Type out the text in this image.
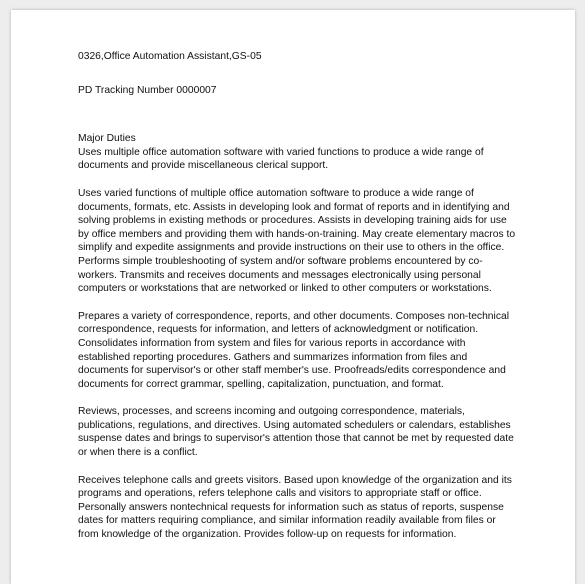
0326,Office Automation Assistant,GS-05
PD Tracking Number 0000007
Major Duties
Uses multiple office automation software with varied functions to produce a wide range of documents and provide miscellaneous clerical support.
Uses varied functions of multiple office automation software to produce a wide range of documents, formats, etc. Assists in developing look and format of reports and in identifying and solving problems in existing methods or procedures. Assists in developing training aids for use by office members and providing them with hands-on-training. May create elementary macros to simplify and expedite assignments and provide instructions on their use to others in the office. Performs simple troubleshooting of system and/or software problems encountered by co-workers. Transmits and receives documents and messages electronically using personal computers or workstations that are networked or linked to other computers or workstations.
Prepares a variety of correspondence, reports, and other documents. Composes non-technical correspondence, requests for information, and letters of acknowledgment or notification. Consolidates information from system and files for various reports in accordance with established reporting procedures. Gathers and summarizes information from files and documents for supervisor's or other staff member's use. Proofreads/edits correspondence and documents for correct grammar, spelling, capitalization, punctuation, and format.
Reviews, processes, and screens incoming and outgoing correspondence, materials, publications, regulations, and directives. Using automated schedulers or calendars, establishes suspense dates and brings to supervisor's attention those that cannot be met by requested date or when there is a conflict.
Receives telephone calls and greets visitors. Based upon knowledge of the organization and its programs and operations, refers telephone calls and visitors to appropriate staff or office. Personally answers nontechnical requests for information such as status of reports, suspense dates for matters requiring compliance, and similar information readily available from files or from knowledge of the organization. Provides follow-up on requests for information.
